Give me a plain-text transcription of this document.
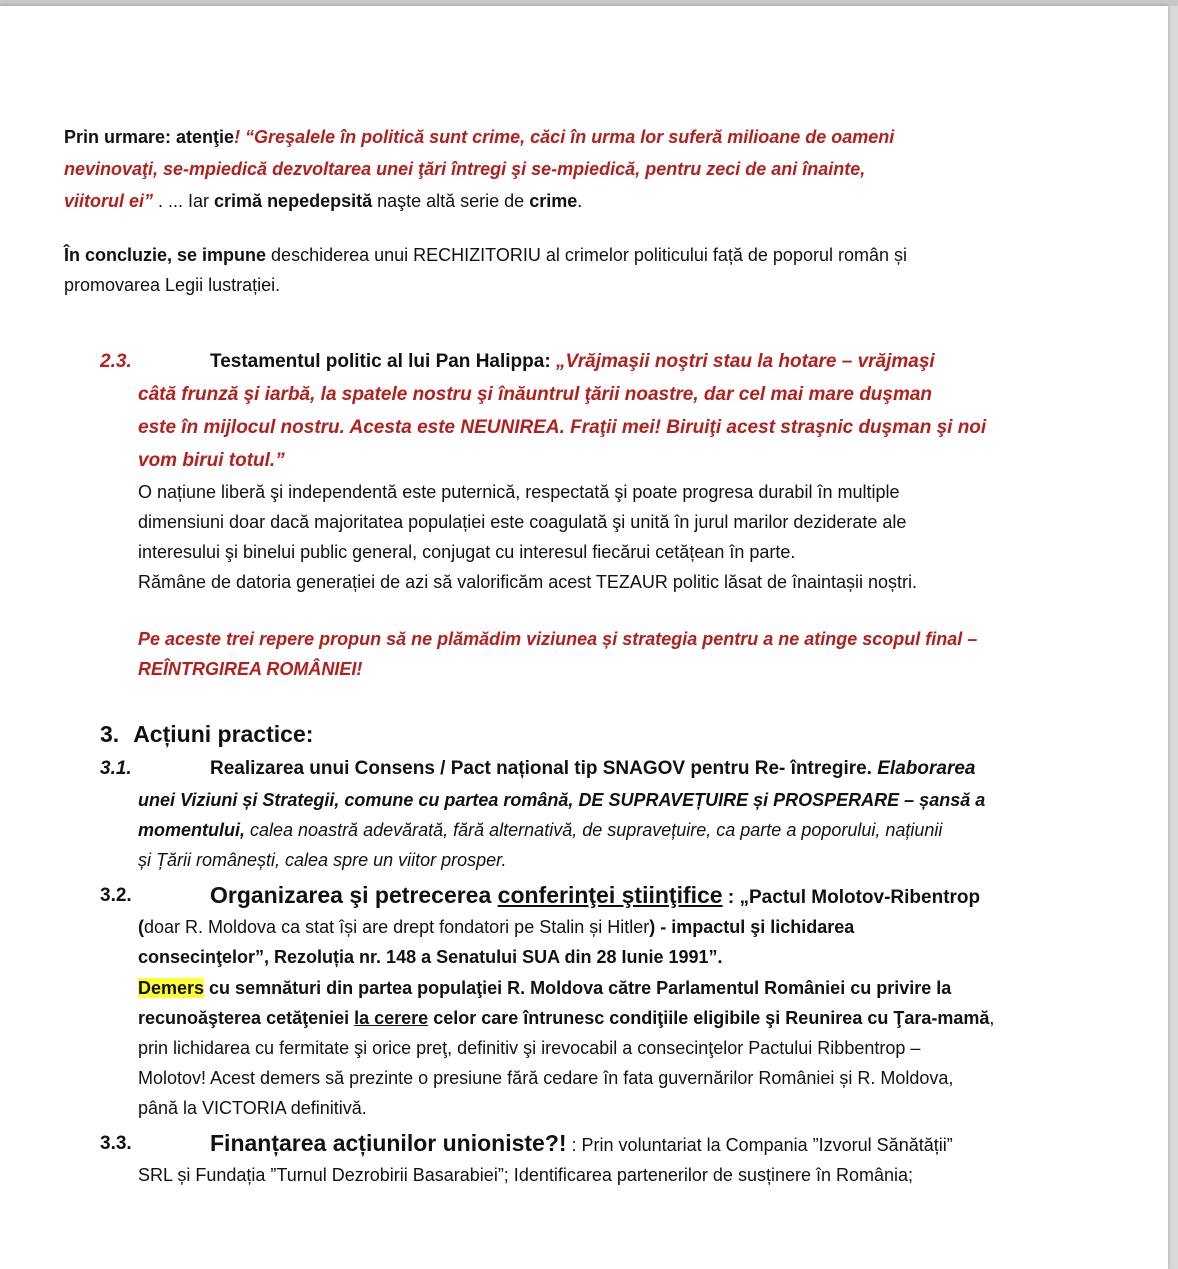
Prin urmare: atenţie! “Greşalele în politică sunt crime, căci în urma lor suferă milioane de oameni
nevinovaţi, se-mpiedică dezvoltarea unei ţări întregi şi se-mpiedică, pentru zeci de ani înainte,
viitorul ei” . ... Iar crimă nepedepsită naşte altă serie de crime.
În concluzie, se impune deschiderea unui RECHIZITORIU al crimelor politicului față de poporul român și
promovarea Legii lustrației.
2.3.	Testamentul politic al lui Pan Halippa: „Vrăjmaşii noştri stau la hotare – vrăjmaşi
câtă frunză şi iarbă, la spatele nostru şi înăuntrul ţării noastre, dar cel mai mare duşman
este în mijlocul nostru. Acesta este NEUNIREA. Fraţii mei! Biruiţi acest straşnic duşman şi noi
vom birui totul.”
O națiune liberă şi independentă este puternică, respectată şi poate progresa durabil în multiple
dimensiuni doar dacă majoritatea populației este coagulată şi unită în jurul marilor deziderate ale
interesului şi binelui public general, conjugat cu interesul fiecărui cetățean în parte.
Rămâne de datoria generației de azi să valorificăm acest TEZAUR politic lăsat de înaintașii noștri.
Pe aceste trei repere propun să ne plămădim viziunea și strategia pentru a ne atinge scopul final –
REÎNTRGIREA ROMÂNIEI!
3. Acțiuni practice:
3.1.	Realizarea unui Consens / Pact național tip SNAGOV pentru Re- întregire. Elaborarea
unei Viziuni și Strategii, comune cu partea română, DE SUPRAVEȚUIRE și PROSPERARE – șansă a
momentului, calea noastră adevărată, fără alternativă, de supravețuire, ca parte a poporului, națiunii
și Țării românești, calea spre un viitor prosper.
3.2.	Organizarea şi petrecerea conferinţei ştiinţifice : „Pactul Molotov-Ribentrop
(doar R. Moldova ca stat își are drept fondatori pe Stalin și Hitler) - impactul şi lichidarea
consecinţelor”, Rezoluția nr. 148 a Senatului SUA din 28 Iunie 1991”.
Demers cu semnături din partea populaţiei R. Moldova către Parlamentul României cu privire la
recunoăşterea cetăţeniei la cerere celor care întrunesc condiţiile eligibile şi Reunirea cu Ţara-mamă,
prin lichidarea cu fermitate şi orice preţ, definitiv şi irevocabil a consecinţelor Pactului Ribbentrop –
Molotov! Acest demers să prezinte o presiune fără cedare în fata guvernărilor României și R. Moldova,
până la VICTORIA definitivă.
3.3.	Finanțarea acțiunilor unioniste?! : Prin voluntariat la Compania ”Izvorul Sănătății”
SRL și Fundația ”Turnul Dezrobirii Basarabiei”; Identificarea partenerilor de susținere în România;
